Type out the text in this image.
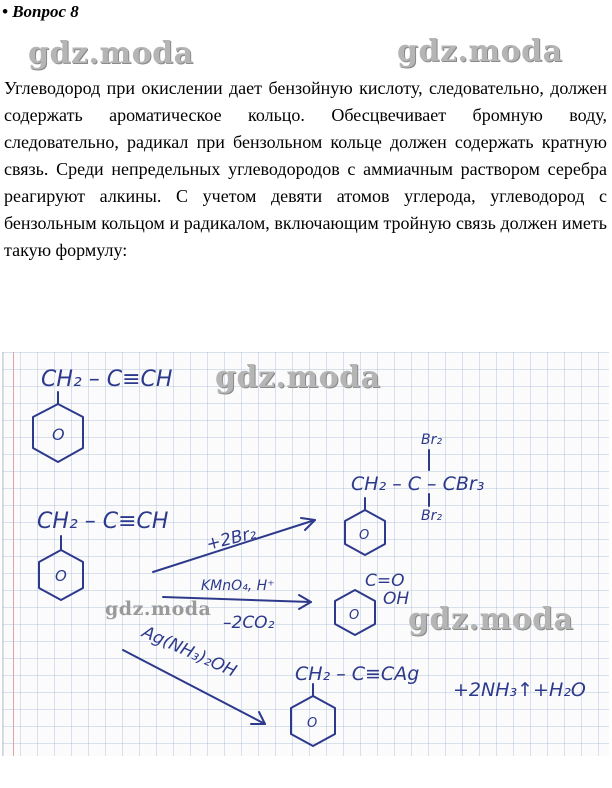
• Вопрос 8
gdz.moda	gdz.moda
Углеводород при окислении дает бензойную кислоту, следовательно, должен содержать ароматическое кольцо. Обесцвечивает бромную воду, следовательно, радикал при бензольном кольце должен содержать кратную связь. Среди непредельных углеводородов с аммиачным раствором серебра реагируют алкины. С учетом девяти атомов углерода, углеводород с бензольным кольцом и радикалом, включающим тройную связь должен иметь такую формулу:
CH₂ – C≡CH
O
CH₂ – C≡CH
O
+2Br₂
Br₂
CH₂ – C – CBr₃
Br₂
O
KMnO₄, H⁺
–2CO₂
C=O
OH
O
Ag(NH₃)₂OH	CH₂ – C≡CAg
+2NH₃↑+H₂O
O
gdz.moda
gdz.moda
gdz.moda
